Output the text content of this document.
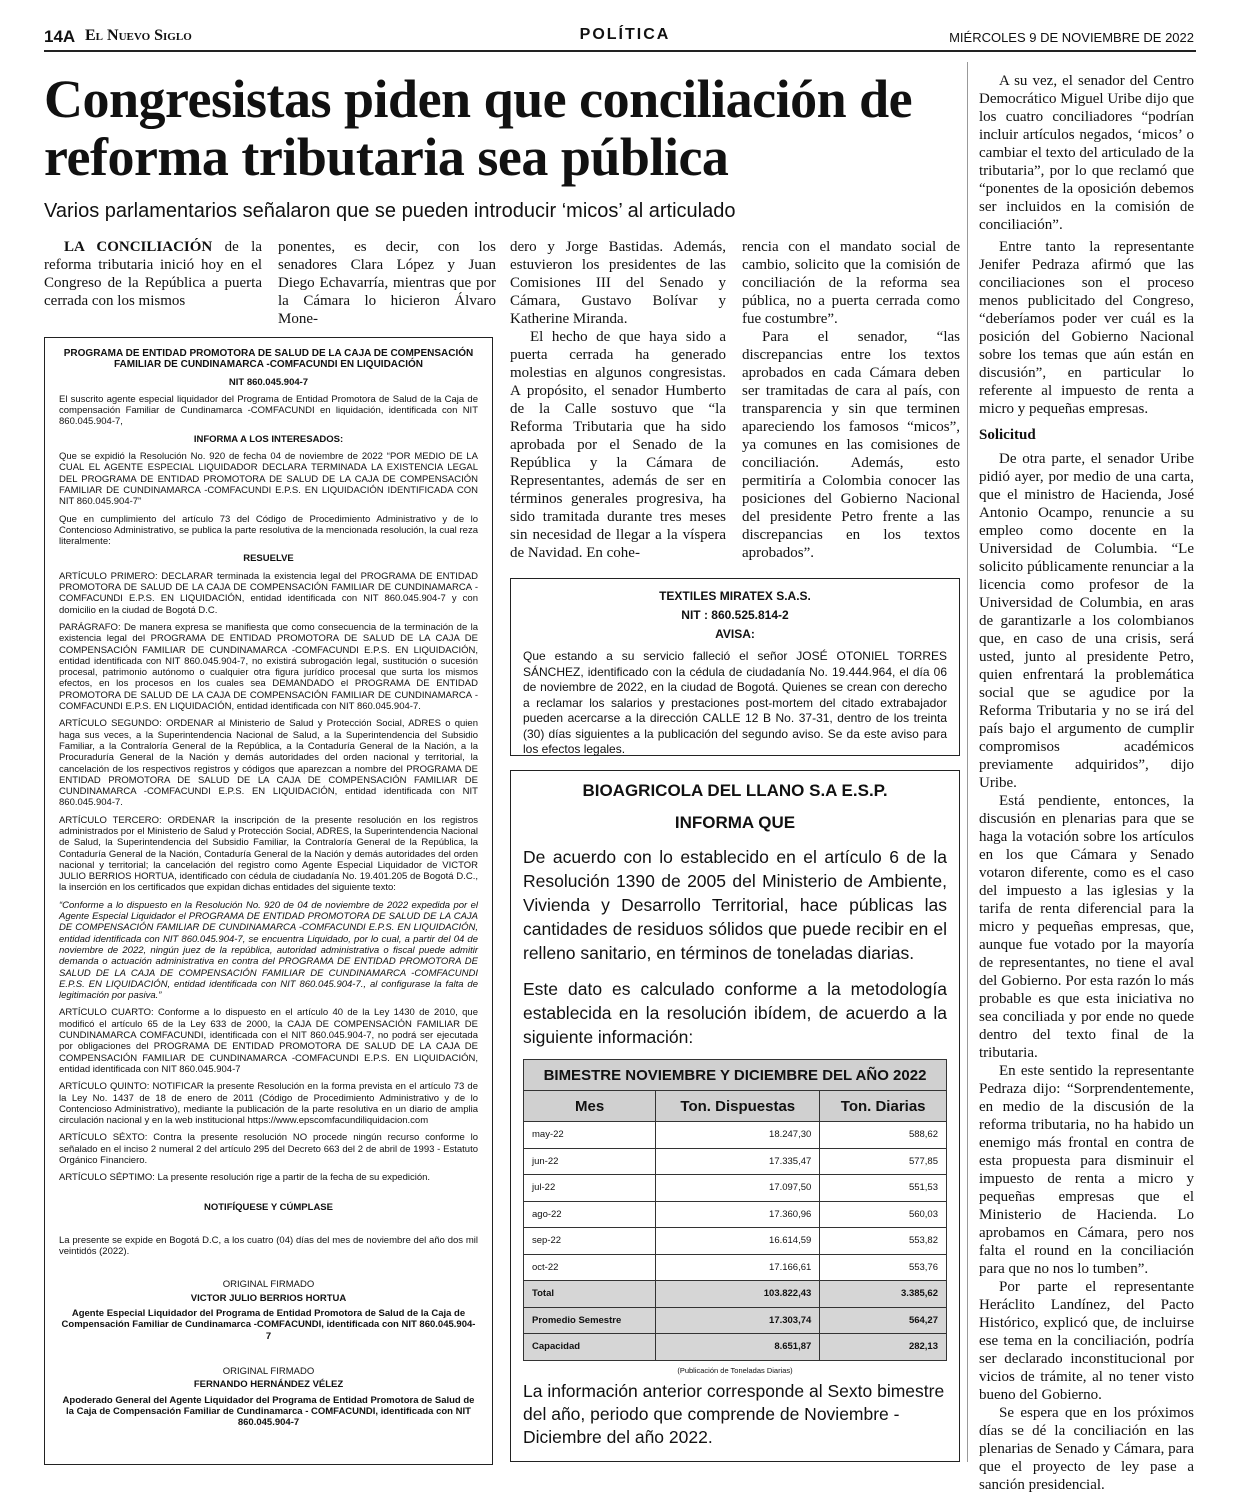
14A El Nuevo Siglo	POLÍTICA	MIÉRCOLES 9 DE NOVIEMBRE DE 2022
Congresistas piden que conciliación de reforma tributaria sea pública
Varios parlamentarios señalaron que se pueden introducir ‘micos’ al articulado

LA CONCILIACIÓN de la reforma tributaria inició hoy en el Congreso de la República a puerta cerrada con los mismos

ponentes, es decir, con los senadores Clara López y Juan Diego Echavarría, mientras que por la Cámara lo hicieron Álvaro Mone-

dero y Jorge Bastidas. Además, estuvieron los presidentes de las Comisiones III del Senado y Cámara, Gustavo Bolívar y Katherine Miranda.

El hecho de que haya sido a puerta cerrada ha generado molestias en algunos congresistas. A propósito, el senador Humberto de la Calle sostuvo que “la Reforma Tributaria que ha sido aprobada por el Senado de la República y la Cámara de Representantes, además de ser en términos generales progresiva, ha sido tramitada durante tres meses sin necesidad de llegar a la víspera de Navidad. En cohe-

rencia con el mandato social de cambio, solicito que la comisión de conciliación de la reforma sea pública, no a puerta cerrada como fue costumbre”.

Para el senador, “las discrepancias entre los textos aprobados en cada Cámara deben ser tramitadas de cara al país, con transparencia y sin que terminen apareciendo los famosos “micos”, ya comunes en las comisiones de conciliación. Además, esto permitiría a Colombia conocer las posiciones del Gobierno Nacional del presidente Petro frente a las discrepancias en los textos aprobados”.

A su vez, el senador del Centro Democrático Miguel Uribe dijo que los cuatro conciliadores “podrían incluir artículos negados, ‘micos’ o cambiar el texto del articulado de la tributaria”, por lo que reclamó que “ponentes de la oposición debemos ser incluidos en la comisión de conciliación”.

Entre tanto la representante Jenifer Pedraza afirmó que las conciliaciones son el proceso menos publicitado del Congreso, “deberíamos poder ver cuál es la posición del Gobierno Nacional sobre los temas que aún están en discusión”, en particular lo referente al impuesto de renta a micro y pequeñas empresas.

Solicitud

De otra parte, el senador Uribe pidió ayer, por medio de una carta, que el ministro de Hacienda, José Antonio Ocampo, renuncie a su empleo como docente en la Universidad de Columbia. “Le solicito públicamente renunciar a la licencia como profesor de la Universidad de Columbia, en aras de garantizarle a los colombianos que, en caso de una crisis, será usted, junto al presidente Petro, quien enfrentará la problemática social que se agudice por la Reforma Tributaria y no se irá del país bajo el argumento de cumplir compromisos académicos previamente adquiridos”, dijo Uribe.

Está pendiente, entonces, la discusión en plenarias para que se haga la votación sobre los artículos en los que Cámara y Senado votaron diferente, como es el caso del impuesto a las iglesias y la tarifa de renta diferencial para la micro y pequeñas empresas, que, aunque fue votado por la mayoría de representantes, no tiene el aval del Gobierno. Por esta razón lo más probable es que esta iniciativa no sea conciliada y por ende no quede dentro del texto final de la tributaria.

En este sentido la representante Pedraza dijo: “Sorprendentemente, en medio de la discusión de la reforma tributaria, no ha habido un enemigo más frontal en contra de esta propuesta para disminuir el impuesto de renta a micro y pequeñas empresas que el Ministerio de Hacienda. Lo aprobamos en Cámara, pero nos falta el round en la conciliación para que no nos lo tumben”.

Por parte el representante Heráclito Landínez, del Pacto Histórico, explicó que, de incluirse ese tema en la conciliación, podría ser declarado inconstitucional por vicios de trámite, al no tener visto bueno del Gobierno.

Se espera que en los próximos días se dé la conciliación en las plenarias de Senado y Cámara, para que el proyecto de ley pase a sanción presidencial.

PROGRAMA DE ENTIDAD PROMOTORA DE SALUD DE LA CAJA DE COMPENSACIÓN FAMILIAR DE CUNDINAMARCA -COMFACUNDI EN LIQUIDACIÓN

NIT 860.045.904-7

El suscrito agente especial liquidador del Programa de Entidad Promotora de Salud de la Caja de compensación Familiar de Cundinamarca -COMFACUNDI en liquidación, identificada con NIT 860.045.904-7,

INFORMA A LOS INTERESADOS:

Que se expidió la Resolución No. 920 de fecha 04 de noviembre de 2022 “POR MEDIO DE LA CUAL EL AGENTE ESPECIAL LIQUIDADOR DECLARA TERMINADA LA EXISTENCIA LEGAL DEL PROGRAMA DE ENTIDAD PROMOTORA DE SALUD DE LA CAJA DE COMPENSACIÓN FAMILIAR DE CUNDINAMARCA -COMFACUNDI E.P.S. EN LIQUIDACIÓN IDENTIFICADA CON NIT 860.045.904-7”

Que en cumplimiento del artículo 73 del Código de Procedimiento Administrativo y de lo Contencioso Administrativo, se publica la parte resolutiva de la mencionada resolución, la cual reza literalmente:

RESUELVE

ARTÍCULO PRIMERO: DECLARAR terminada la existencia legal del PROGRAMA DE ENTIDAD PROMOTORA DE SALUD DE LA CAJA DE COMPENSACIÓN FAMILIAR DE CUNDINAMARCA -COMFACUNDI E.P.S. EN LIQUIDACIÓN, entidad identificada con NIT 860.045.904-7 y con domicilio en la ciudad de Bogotá D.C.

PARÁGRAFO: De manera expresa se manifiesta que como consecuencia de la terminación de la existencia legal del PROGRAMA DE ENTIDAD PROMOTORA DE SALUD DE LA CAJA DE COMPENSACIÓN FAMILIAR DE CUNDINAMARCA -COMFACUNDI E.P.S. EN LIQUIDACIÓN, entidad identificada con NIT 860.045.904-7, no existirá subrogación legal, sustitución o sucesión procesal, patrimonio autónomo o cualquier otra figura jurídico procesal que surta los mismos efectos, en los procesos en los cuales sea DEMANDADO el PROGRAMA DE ENTIDAD PROMOTORA DE SALUD DE LA CAJA DE COMPENSACIÓN FAMILIAR DE CUNDINAMARCA -COMFACUNDI E.P.S. EN LIQUIDACIÓN, entidad identificada con NIT 860.045.904-7.

ARTÍCULO SEGUNDO: ORDENAR al Ministerio de Salud y Protección Social, ADRES o quien haga sus veces, a la Superintendencia Nacional de Salud, a la Superintendencia del Subsidio Familiar, a la Contraloría General de la República, a la Contaduría General de la Nación, a la Procuraduría General de la Nación y demás autoridades del orden nacional y territorial, la cancelación de los respectivos registros y códigos que aparezcan a nombre del PROGRAMA DE ENTIDAD PROMOTORA DE SALUD DE LA CAJA DE COMPENSACIÓN FAMILIAR DE CUNDINAMARCA -COMFACUNDI E.P.S. EN LIQUIDACIÓN, entidad identificada con NIT 860.045.904-7.

ARTÍCULO TERCERO: ORDENAR la inscripción de la presente resolución en los registros administrados por el Ministerio de Salud y Protección Social, ADRES, la Superintendencia Nacional de Salud, la Superintendencia del Subsidio Familiar, la Contraloría General de la República, la Contaduría General de la Nación, Contaduría General de la Nación y demás autoridades del orden nacional y territorial; la cancelación del registro como Agente Especial Liquidador de VICTOR JULIO BERRIOS HORTUA, identificado con cédula de ciudadanía No. 19.401.205 de Bogotá D.C., la inserción en los certificados que expidan dichas entidades del siguiente texto:

“Conforme a lo dispuesto en la Resolución No. 920 de 04 de noviembre de 2022 expedida por el Agente Especial Liquidador el PROGRAMA DE ENTIDAD PROMOTORA DE SALUD DE LA CAJA DE COMPENSACIÓN FAMILIAR DE CUNDINAMARCA -COMFACUNDI E.P.S. EN LIQUIDACIÓN, entidad identificada con NIT 860.045.904-7, se encuentra Liquidado, por lo cual, a partir del 04 de noviembre de 2022, ningún juez de la república, autoridad administrativa o fiscal puede admitir demanda o actuación administrativa en contra del PROGRAMA DE ENTIDAD PROMOTORA DE SALUD DE LA CAJA DE COMPENSACIÓN FAMILIAR DE CUNDINAMARCA -COMFACUNDI E.P.S. EN LIQUIDACIÓN, entidad identificada con NIT 860.045.904-7., al configurase la falta de legitimación por pasiva.”

ARTÍCULO CUARTO: Conforme a lo dispuesto en el artículo 40 de la Ley 1430 de 2010, que modificó el artículo 65 de la Ley 633 de 2000, la CAJA DE COMPENSACIÓN FAMILIAR DE CUNDINAMARCA COMFACUNDI, identificada con el NIT 860.045.904-7, no podrá ser ejecutada por obligaciones del PROGRAMA DE ENTIDAD PROMOTORA DE SALUD DE LA CAJA DE COMPENSACIÓN FAMILIAR DE CUNDINAMARCA -COMFACUNDI E.P.S. EN LIQUIDACIÓN, entidad identificada con NIT 860.045.904-7

ARTÍCULO QUINTO: NOTIFICAR la presente Resolución en la forma prevista en el artículo 73 de la Ley No. 1437 de 18 de enero de 2011 (Código de Procedimiento Administrativo y de lo Contencioso Administrativo), mediante la publicación de la parte resolutiva en un diario de amplia circulación nacional y en la web institucional https://www.epscomfacundiliquidacion.com

ARTÍCULO SÉXTO: Contra la presente resolución NO procede ningún recurso conforme lo señalado en el inciso 2 numeral 2 del artículo 295 del Decreto 663 del 2 de abril de 1993 - Estatuto Orgánico Financiero.

ARTÍCULO SÉPTIMO: La presente resolución rige a partir de la fecha de su expedición.

NOTIFÍQUESE Y CÚMPLASE

La presente se expide en Bogotá D.C, a los cuatro (04) días del mes de noviembre del año dos mil veintidós (2022).

ORIGINAL FIRMADO

VICTOR JULIO BERRIOS HORTUA

Agente Especial Liquidador del Programa de Entidad Promotora de Salud de la Caja de Compensación Familiar de Cundinamarca -COMFACUNDI, identificada con NIT 860.045.904-7

ORIGINAL FIRMADO

FERNANDO HERNÁNDEZ VÉLEZ

Apoderado General del Agente Liquidador del Programa de Entidad Promotora de Salud de la Caja de Compensación Familiar de Cundinamarca - COMFACUNDI, identificada con NIT 860.045.904-7

TEXTILES MIRATEX S.A.S.
NIT : 860.525.814-2
AVISA:
Que estando a su servicio falleció el señor JOSÉ OTONIEL TORRES SÁNCHEZ, identificado con la cédula de ciudadanía No. 19.444.964, el día 06 de noviembre de 2022, en la ciudad de Bogotá. Quienes se crean con derecho a reclamar los salarios y prestaciones post-mortem del citado extrabajador pueden acercarse a la dirección CALLE 12 B No. 37-31, dentro de los treinta (30) días siguientes a la publicación del segundo aviso. Se da este aviso para los efectos legales.
BIOAGRICOLA DEL LLANO S.A E.S.P.
INFORMA QUE
De acuerdo con lo establecido en el artículo 6 de la Resolución 1390 de 2005 del Ministerio de Ambiente, Vivienda y Desarrollo Territorial, hace públicas las cantidades de residuos sólidos que puede recibir en el relleno sanitario, en términos de toneladas diarias.
Este dato es calculado conforme a la metodología establecida en la resolución ibídem, de acuerdo a la siguiente información:
BIMESTRE NOVIEMBRE Y DICIEMBRE DEL AÑO 2022		
Mes	Ton. Dispuestas	Ton. Diarias
may-22	18.247,30	588,62
jun-22	17.335,47	577,85
jul-22	17.097,50	551,53
ago-22	17.360,96	560,03
sep-22	16.614,59	553,82
oct-22	17.166,61	553,76
Total	103.822,43	3.385,62
Promedio Semestre	17.303,74	564,27
Capacidad	8.651,87	282,13
(Publicación de Toneladas Diarias)
La información anterior corresponde al Sexto bimestre del año, periodo que comprende de Noviembre - Diciembre del año 2022.
